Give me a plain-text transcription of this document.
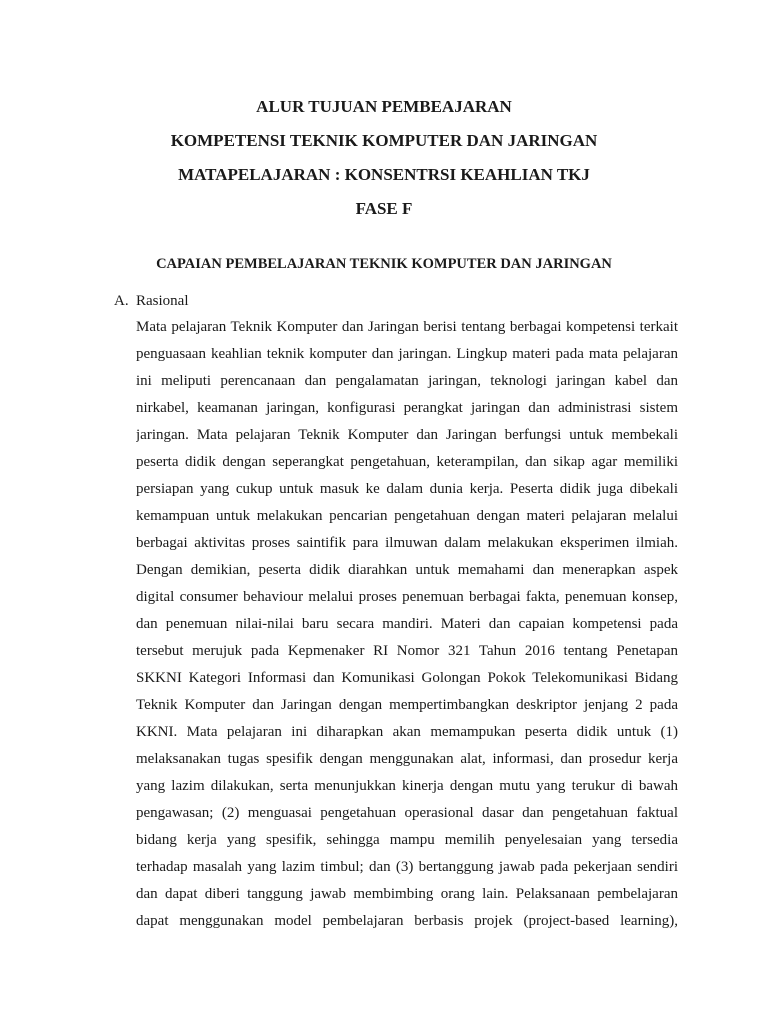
ALUR TUJUAN PEMBEAJARAN
KOMPETENSI TEKNIK KOMPUTER DAN JARINGAN
MATAPELAJARAN : KONSENTRSI KEAHLIAN TKJ
FASE F
CAPAIAN PEMBELAJARAN TEKNIK KOMPUTER DAN JARINGAN
A. Rasional
Mata pelajaran Teknik Komputer dan Jaringan berisi tentang berbagai kompetensi terkait
penguasaan keahlian teknik komputer dan jaringan. Lingkup materi pada mata pelajaran
ini meliputi perencanaan dan pengalamatan jaringan, teknologi jaringan kabel dan
nirkabel, keamanan jaringan, konfigurasi perangkat jaringan dan administrasi sistem
jaringan. Mata pelajaran Teknik Komputer dan Jaringan berfungsi untuk membekali
peserta didik dengan seperangkat pengetahuan, keterampilan, dan sikap agar memiliki
persiapan yang cukup untuk masuk ke dalam dunia kerja. Peserta didik juga dibekali
kemampuan untuk melakukan pencarian pengetahuan dengan materi pelajaran melalui
berbagai aktivitas proses saintifik para ilmuwan dalam melakukan eksperimen ilmiah.
Dengan demikian, peserta didik diarahkan untuk memahami dan menerapkan aspek
digital consumer behaviour melalui proses penemuan berbagai fakta, penemuan konsep,
dan penemuan nilai-nilai baru secara mandiri. Materi dan capaian kompetensi pada
tersebut merujuk pada Kepmenaker RI Nomor 321 Tahun 2016 tentang Penetapan
SKKNI Kategori Informasi dan Komunikasi Golongan Pokok Telekomunikasi Bidang
Teknik Komputer dan Jaringan dengan mempertimbangkan deskriptor jenjang 2 pada
KKNI. Mata pelajaran ini diharapkan akan memampukan peserta didik untuk (1)
melaksanakan tugas spesifik dengan menggunakan alat, informasi, dan prosedur kerja
yang lazim dilakukan, serta menunjukkan kinerja dengan mutu yang terukur di bawah
pengawasan; (2) menguasai pengetahuan operasional dasar dan pengetahuan faktual
bidang kerja yang spesifik, sehingga mampu memilih penyelesaian yang tersedia
terhadap masalah yang lazim timbul; dan (3) bertanggung jawab pada pekerjaan sendiri
dan dapat diberi tanggung jawab membimbing orang lain. Pelaksanaan pembelajaran
dapat menggunakan model pembelajaran berbasis projek (project-based learning),
